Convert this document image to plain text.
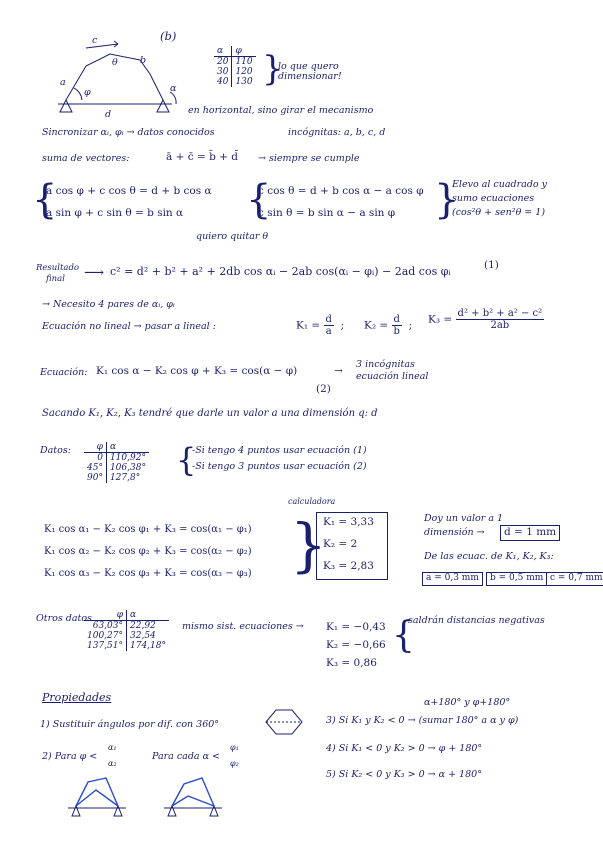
(b)
c
b
a
d
θ
φ	α
α	φ
20	110
30	120
40	130 }
lo que quero dimensionar!
en horizontal, sino girar el mecanismo
Sincronizar αᵢ, φᵢ → datos conocidos	incógnitas: a, b, c, d
suma de vectores:	ā + c̄ = b̄ + d̄ → siempre se cumple
{
a cos φ + c cos θ = d + b cos α
a sin φ + c sin θ = b sin α {
c cos θ = d + b cos α − a cos φ
c sin θ = b sin α − a sin φ }
Elevo al cuadrado y
sumo ecuaciones
(cos²θ + sen²θ = 1)
quiero quitar θ
Resultado
final ⟶ c² = d² + b² + a² + 2db cos αᵢ − 2ab cos(αᵢ − φᵢ) − 2ad cos φᵢ	(1)
→ Necesito 4 pares de αᵢ, φᵢ
Ecuación no lineal → pasar a lineal :	$K_1 = \frac{d}{a}$ ; $K_2 = \frac{d}{b}$ ; $K_3 = \frac{\text{d² + b² + a² − c²}}{2ab}$
Ecuación: K₁ cos α − K₂ cos φ + K₃ = cos(α − φ)	→
3 incógnitas
ecuación lineal
(2)
Sacando K₁, K₂, K₃ tendré que darle un valor a una dimensión q: d
Datos:	φ	α
0	110,92°
45°	106,38°
90°	127,8° {
-Si tengo 4 puntos usar ecuación (1)
-Si tengo 3 puntos usar ecuación (2)
calculadora
K₁ cos α₁ − K₂ cos φ₁ + K₃ = cos(α₁ − φ₁)
K₁ cos α₂ − K₂ cos φ₂ + K₃ = cos(α₂ − φ₂)
K₁ cos α₃ − K₂ cos φ₃ + K₃ = cos(α₃ − φ₃) }
K₁ = 3,33
K₂ = 2
K₃ = 2,83
Doy un valor a 1
dimensión →	d = 1 mm
De las ecuac. de K₁, K₂, K₃:
a = 0,3 mm	b = 0,5 mm c = 0,7 mm
Otros datos	φ	α
63,03°	22,92
100,27°	32,54
137,51°	174,18°
mismo sist. ecuaciones → K₁ = −0,43
K₂ = −0,66
K₃ = 0,86
{
saldrán distancias negativas
Propiedades
1) Sustituir ángulos por dif. con 360°
2) Para φ <
α₁
α₂
Para cada α <
φ₁
φ₂
α+180° y φ+180°
3) Si K₁ y K₂ < 0 → (sumar 180° a α y φ)
4) Si K₁ < 0 y K₂ > 0 → φ + 180°
5) Si K₂ < 0 y K₃ > 0 → α + 180°
